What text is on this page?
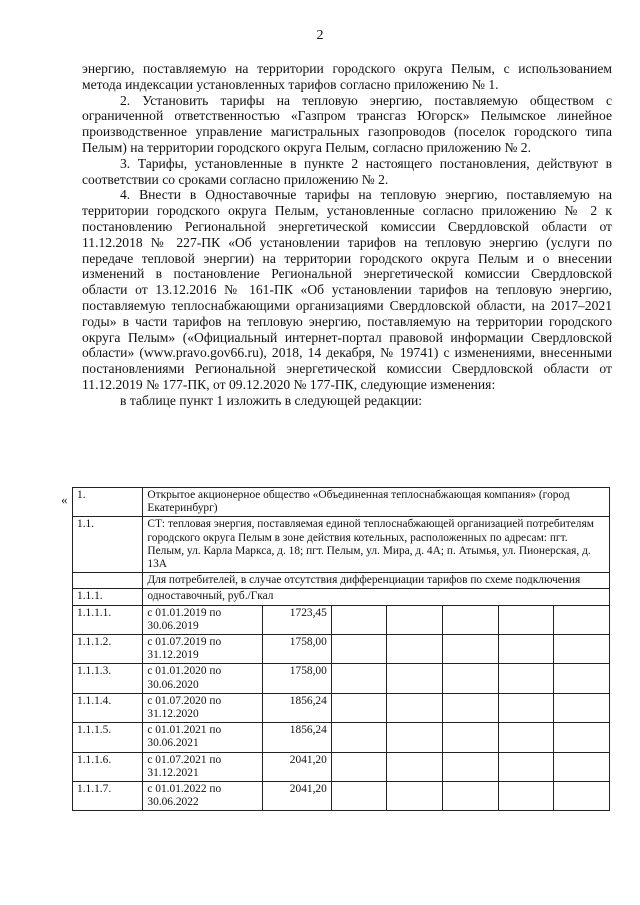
2

энергию, поставляемую на территории городского округа Пелым, с использованием метода индексации установленных тарифов согласно приложению № 1.

2. Установить тарифы на тепловую энергию, поставляемую обществом с ограниченной ответственностью «Газпром трансгаз Югорск» Пелымское линейное производственное управление магистральных газопроводов (поселок городского типа Пелым) на территории городского округа Пелым, согласно приложению № 2.

3. Тарифы, установленные в пункте 2 настоящего постановления, действуют в соответствии со сроками согласно приложению № 2.

4. Внести в Одноставочные тарифы на тепловую энергию, поставляемую на территории городского округа Пелым, установленные согласно приложению № 2 к постановлению Региональной энергетической комиссии Свердловской области от 11.12.2018 № 227-ПК «Об установлении тарифов на тепловую энергию (услуги по передаче тепловой энергии) на территории городского округа Пелым и о внесении изменений в постановление Региональной энергетической комиссии Свердловской области от 13.12.2016 № 161-ПК «Об установлении тарифов на тепловую энергию, поставляемую теплоснабжающими организациями Свердловской области, на 2017–2021 годы» в части тарифов на тепловую энергию, поставляемую на территории городского округа Пелым» («Официальный интернет-портал правовой информации Свердловской области» (www.pravo.gov66.ru), 2018, 14 декабря, № 19741) с изменениями, внесенными постановлениями Региональной энергетической комиссии Свердловской области от 11.12.2019 № 177-ПК, от 09.12.2020 № 177-ПК, следующие изменения:

в таблице пункт 1 изложить в следующей редакции:

« 1.	Открытое акционерное общество «Объединенная теплоснабжающая компания» (город Екатеринбург)						
1.1.	СТ: тепловая энергия, поставляемая единой теплоснабжающей организацией потребителям городского округа Пелым в зоне действия котельных, расположенных по адресам: пгт. Пелым, ул. Карла Маркса, д. 18; пгт. Пелым, ул. Мира, д. 4А; п. Атымья, ул. Пионерская, д. 13А						
	Для потребителей, в случае отсутствия дифференциации тарифов по схеме подключения						
1.1.1.	одноставочный, руб./Гкал						
1.1.1.1.	с 01.01.2019 по 30.06.2019	1723,45					
1.1.1.2.	с 01.07.2019 по 31.12.2019	1758,00					
1.1.1.3.	с 01.01.2020 по 30.06.2020	1758,00					
1.1.1.4.	с 01.07.2020 по 31.12.2020	1856,24					
1.1.1.5.	с 01.01.2021 по 30.06.2021	1856,24					
1.1.1.6.	с 01.07.2021 по 31.12.2021	2041,20					
1.1.1.7.	с 01.01.2022 по 30.06.2022	2041,20					
